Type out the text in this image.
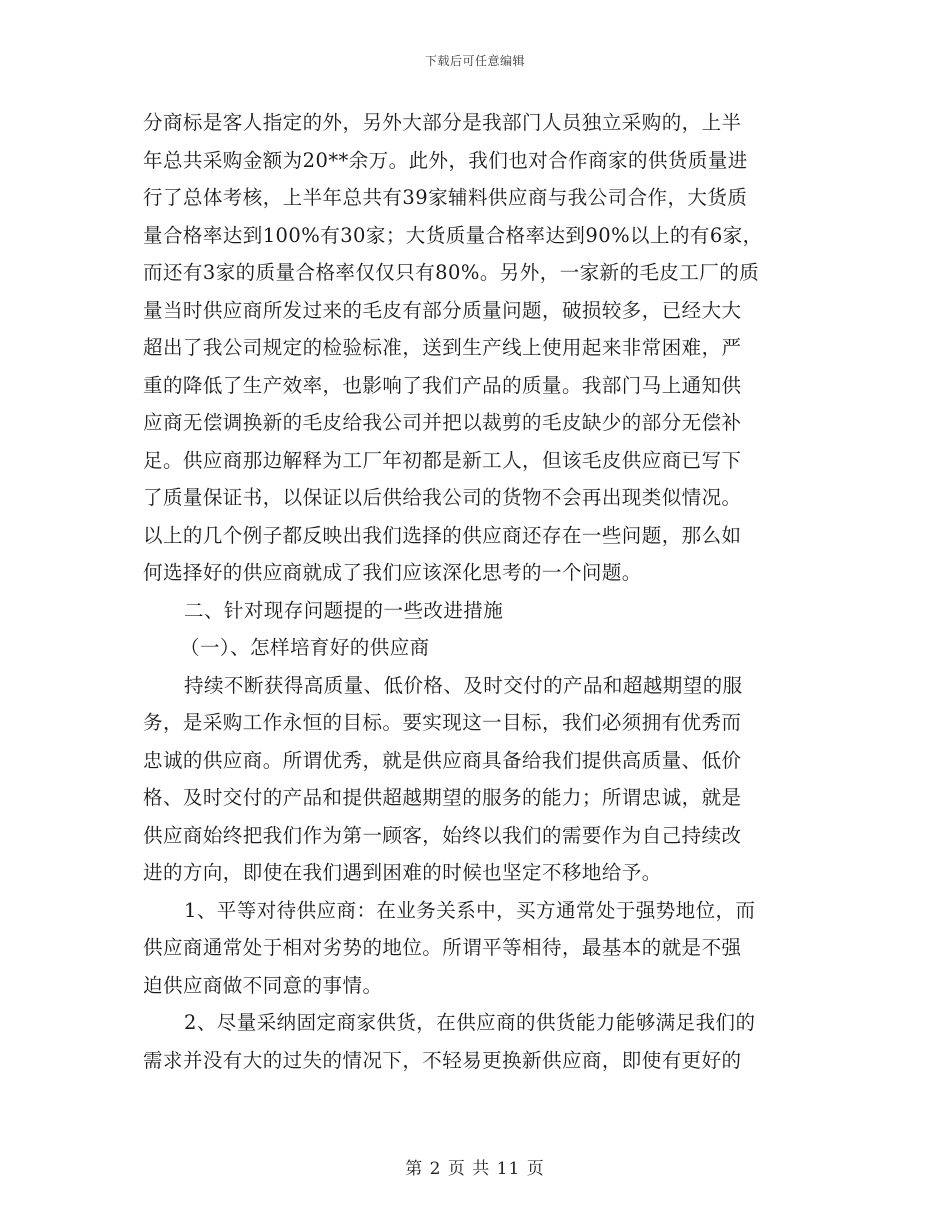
下载后可任意编辑
分商标是客人指定的外，另外大部分是我部门人员独立采购的，上半
年总共采购金额为20**余万。此外，我们也对合作商家的供货质量进
行了总体考核，上半年总共有39家辅料供应商与我公司合作，大货质
量合格率达到100%有30家；大货质量合格率达到90%以上的有6家，
而还有3家的质量合格率仅仅只有80%。另外，一家新的毛皮工厂的质
量当时供应商所发过来的毛皮有部分质量问题，破损较多，已经大大
超出了我公司规定的检验标准，送到生产线上使用起来非常困难，严
重的降低了生产效率，也影响了我们产品的质量。我部门马上通知供
应商无偿调换新的毛皮给我公司并把以裁剪的毛皮缺少的部分无偿补
足。供应商那边解释为工厂年初都是新工人，但该毛皮供应商已写下
了质量保证书，以保证以后供给我公司的货物不会再出现类似情况。
以上的几个例子都反映出我们选择的供应商还存在一些问题，那么如
何选择好的供应商就成了我们应该深化思考的一个问题。
二、针对现存问题提的一些改进措施
（一）、怎样培育好的供应商
持续不断获得高质量、低价格、及时交付的产品和超越期望的服
务，是采购工作永恒的目标。要实现这一目标，我们必须拥有优秀而
忠诚的供应商。所谓优秀，就是供应商具备给我们提供高质量、低价
格、及时交付的产品和提供超越期望的服务的能力；所谓忠诚，就是
供应商始终把我们作为第一顾客，始终以我们的需要作为自己持续改
进的方向，即使在我们遇到困难的时候也坚定不移地给予。
1、平等对待供应商：在业务关系中，买方通常处于强势地位，而
供应商通常处于相对劣势的地位。所谓平等相待，最基本的就是不强
迫供应商做不同意的事情。
2、尽量采纳固定商家供货，在供应商的供货能力能够满足我们的
需求并没有大的过失的情况下，不轻易更换新供应商，即使有更好的
第 2 页 共 11 页
